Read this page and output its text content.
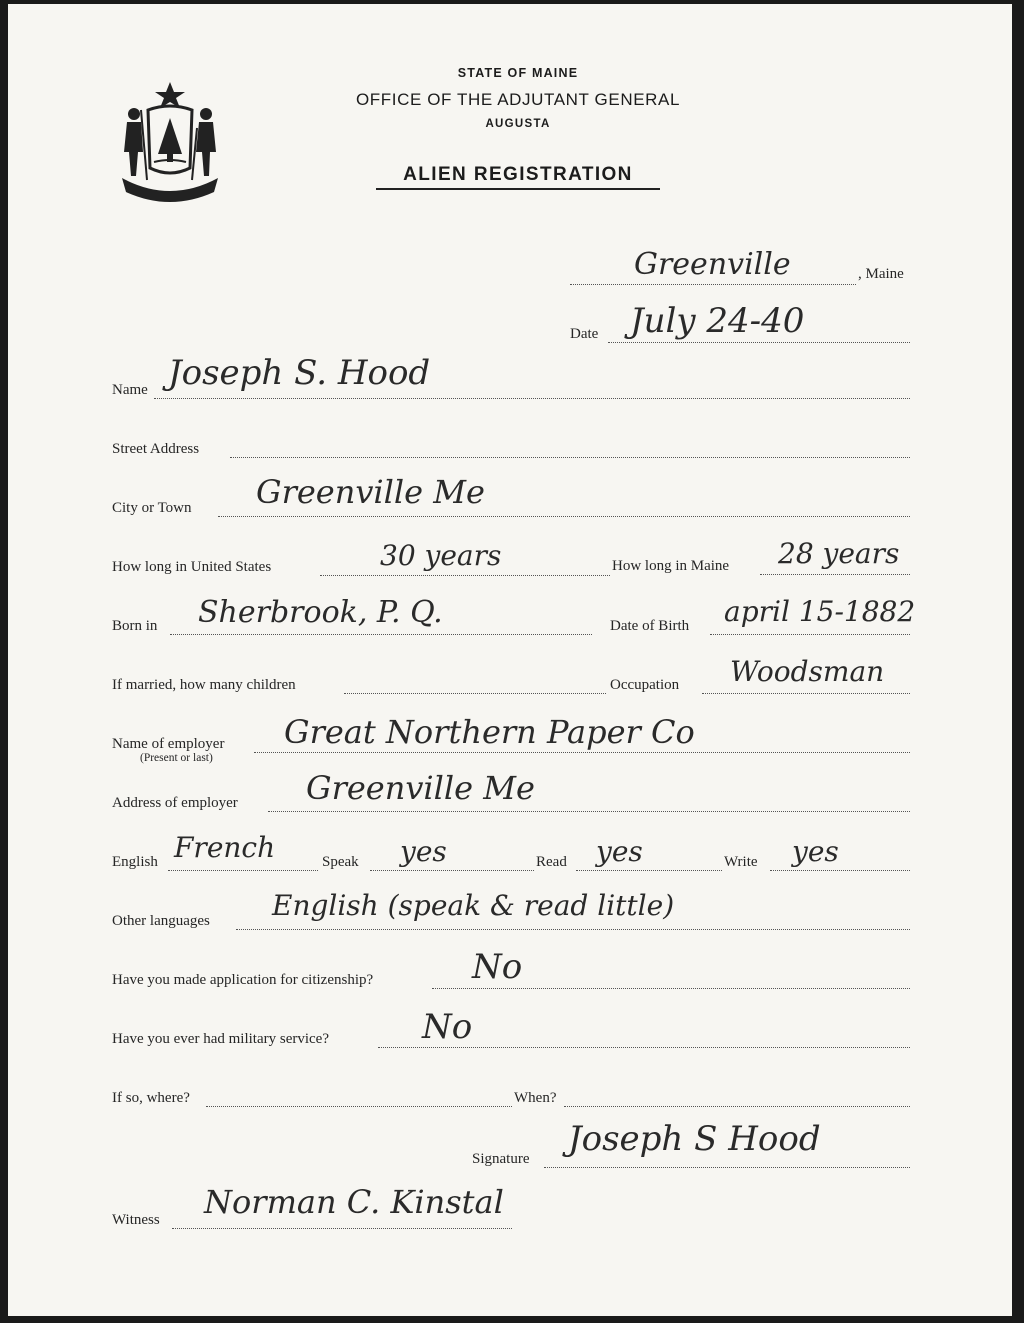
STATE OF MAINE
OFFICE OF THE ADJUTANT GENERAL
AUGUSTA
ALIEN REGISTRATION
Greenville	, Maine
Date July 24-40
Name Joseph S. Hood
Street Address
City or Town Greenville Me
How long in United States	30 years	How long in Maine 28 years
Born in Sherbrook, P. Q.	Date of Birth april 15-1882
If married, how many children	Occupation Woodsman
Name of employer
(Present or last)
Great Northern Paper Co
Address of employer Greenville Me
English French	Speak yes	Read yes	Write yes
Other languages English (speak & read little)
Have you made application for citizenship?	No
Have you ever had military service?	No
If so, where?	When?
Signature Joseph S Hood
Witness Norman C. Kinstal
